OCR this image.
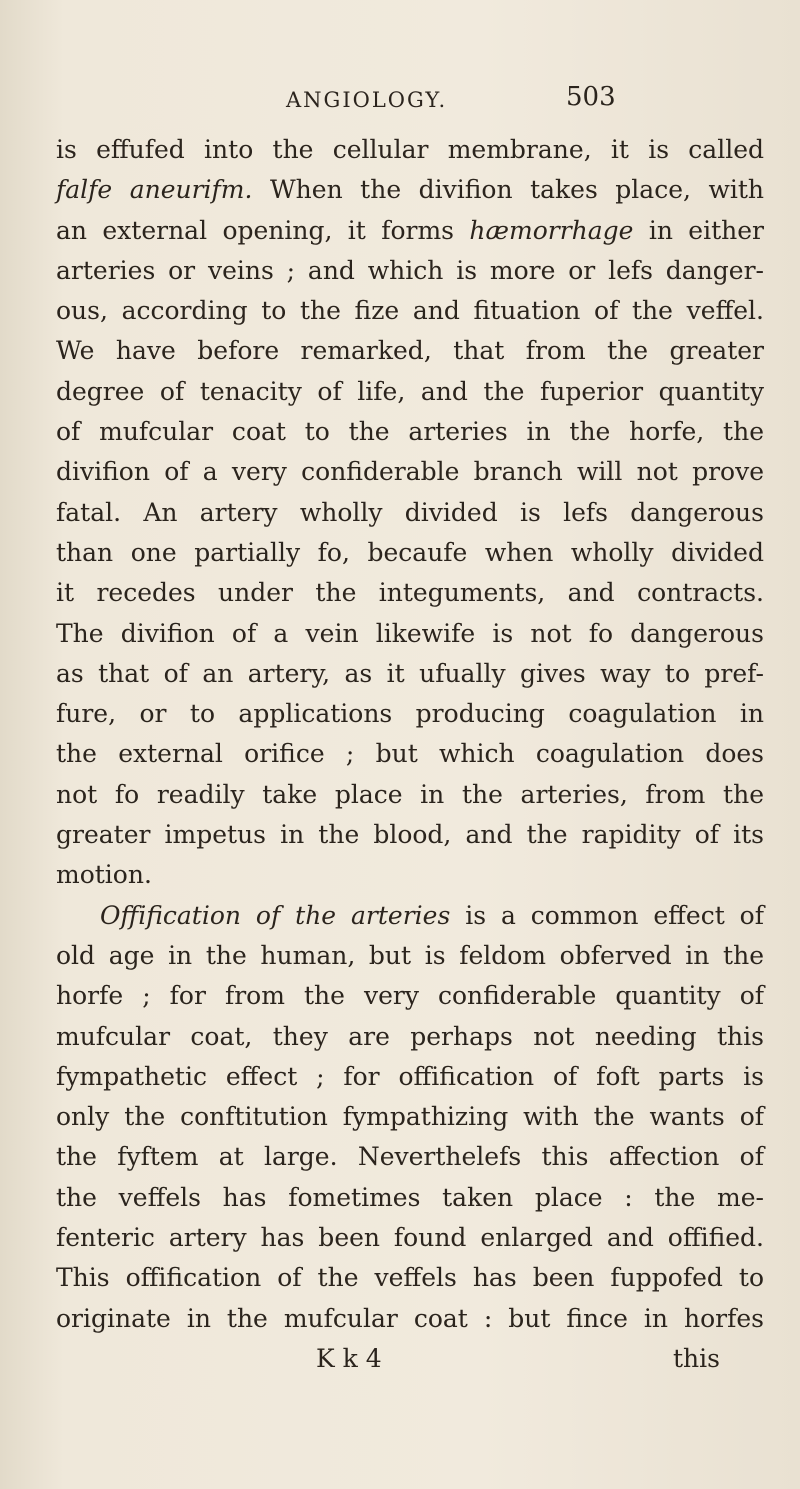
ANGIOLOGY.	503
is effufed into the cellular membrane, it is called
falfe aneurifm. When the divifion takes place, with
an external opening, it forms hæmorrhage in either
arteries or veins ; and which is more or lefs danger-
ous, according to the fize and fituation of the veffel.
We have before remarked, that from the greater
degree of tenacity of life, and the fuperior quantity
of mufcular coat to the arteries in the horfe, the
divifion of a very confiderable branch will not prove
fatal. An artery wholly divided is lefs dangerous
than one partially fo, becaufe when wholly divided
it recedes under the integuments, and contracts.
The divifion of a vein likewife is not fo dangerous
as that of an artery, as it ufually gives way to pref-
fure, or to applications producing coagulation in
the external orifice ; but which coagulation does
not fo readily take place in the arteries, from the
greater impetus in the blood, and the rapidity of its
motion.
Offification of the arteries is a common effect of
old age in the human, but is feldom obferved in the
horfe ; for from the very confiderable quantity of
mufcular coat, they are perhaps not needing this
fympathetic effect ; for offification of foft parts is
only the conftitution fympathizing with the wants of
the fyftem at large. Neverthelefs this affection of
the veffels has fometimes taken place : the me-
fenteric artery has been found enlarged and offified.
This offification of the veffels has been fuppofed to
originate in the mufcular coat : but fince in horfes
K k 4	this
